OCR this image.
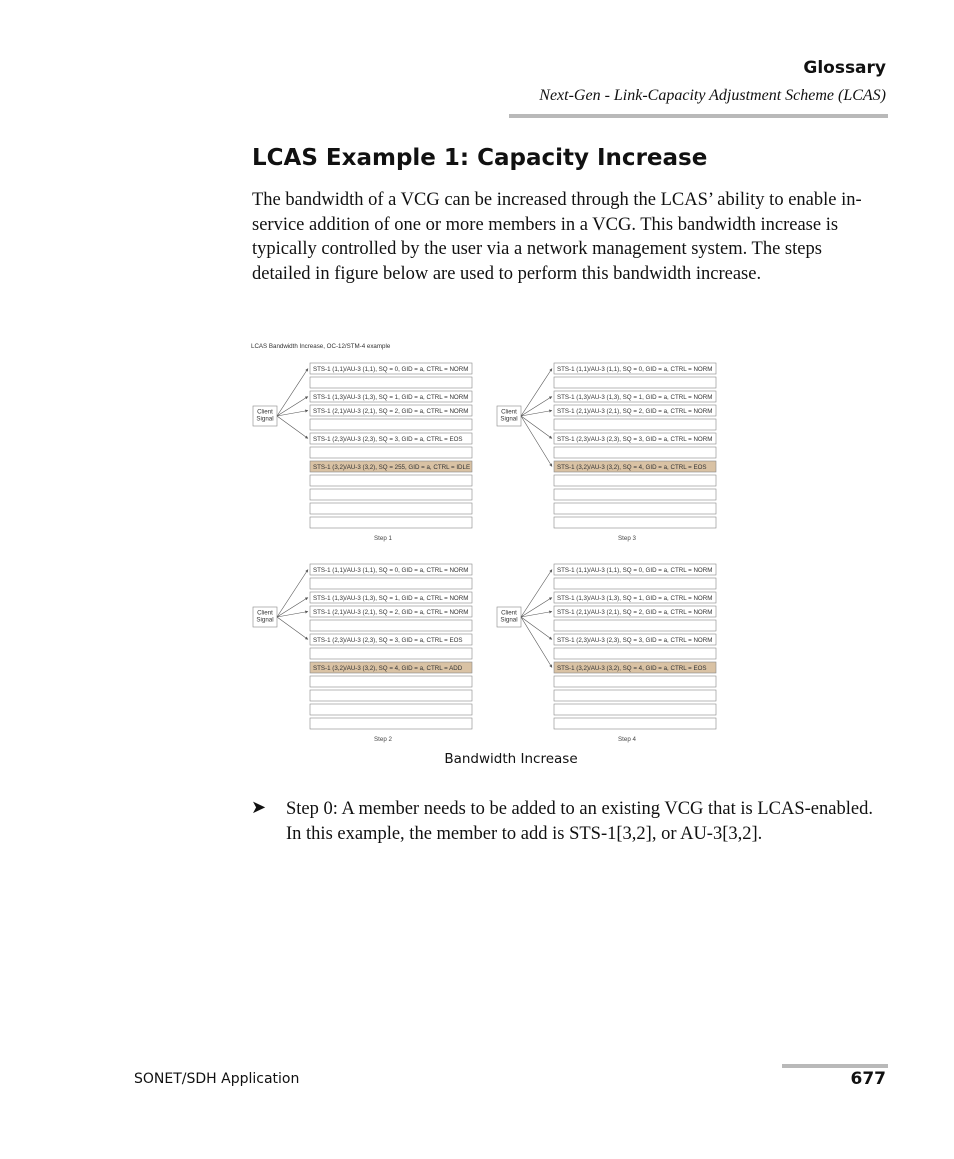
Glossary
Next-Gen - Link-Capacity Adjustment Scheme (LCAS)
LCAS Example 1: Capacity Increase
The bandwidth of a VCG can be increased through the LCAS’ ability to enable in-service addition of one or more members in a VCG. This bandwidth increase is typically controlled by the user via a network management system. The steps detailed in figure below are used to perform this bandwidth increase.
LCAS Bandwidth Increase, OC-12/STM-4 example
Client
Signal
STS-1 (1,1)/AU-3 (1,1), SQ = 0, GID = a, CTRL = NORM
STS-1 (1,3)/AU-3 (1,3), SQ = 1, GID = a, CTRL = NORM
STS-1 (2,1)/AU-3 (2,1), SQ = 2, GID = a, CTRL = NORM
STS-1 (2,3)/AU-3 (2,3), SQ = 3, GID = a, CTRL = EOS
STS-1 (3,2)/AU-3 (3,2), SQ = 255, GID = a, CTRL = IDLE
Step 1
Client
Signal
STS-1 (1,1)/AU-3 (1,1), SQ = 0, GID = a, CTRL = NORM
STS-1 (1,3)/AU-3 (1,3), SQ = 1, GID = a, CTRL = NORM
STS-1 (2,1)/AU-3 (2,1), SQ = 2, GID = a, CTRL = NORM
STS-1 (2,3)/AU-3 (2,3), SQ = 3, GID = a, CTRL = NORM
STS-1 (3,2)/AU-3 (3,2), SQ = 4, GID = a, CTRL = EOS
Step 3
Client
Signal
STS-1 (1,1)/AU-3 (1,1), SQ = 0, GID = a, CTRL = NORM
STS-1 (1,3)/AU-3 (1,3), SQ = 1, GID = a, CTRL = NORM
STS-1 (2,1)/AU-3 (2,1), SQ = 2, GID = a, CTRL = NORM
STS-1 (2,3)/AU-3 (2,3), SQ = 3, GID = a, CTRL = EOS
STS-1 (3,2)/AU-3 (3,2), SQ = 4, GID = a, CTRL = ADD
Step 2
Client
Signal
STS-1 (1,1)/AU-3 (1,1), SQ = 0, GID = a, CTRL = NORM
STS-1 (1,3)/AU-3 (1,3), SQ = 1, GID = a, CTRL = NORM
STS-1 (2,1)/AU-3 (2,1), SQ = 2, GID = a, CTRL = NORM
STS-1 (2,3)/AU-3 (2,3), SQ = 3, GID = a, CTRL = NORM
STS-1 (3,2)/AU-3 (3,2), SQ = 4, GID = a, CTRL = EOS
Step 4
Bandwidth Increase
➤ Step 0: A member needs to be added to an existing VCG that is LCAS-enabled. In this example, the member to add is STS-1[3,2], or AU-3[3,2].
SONET/SDH Application	677
